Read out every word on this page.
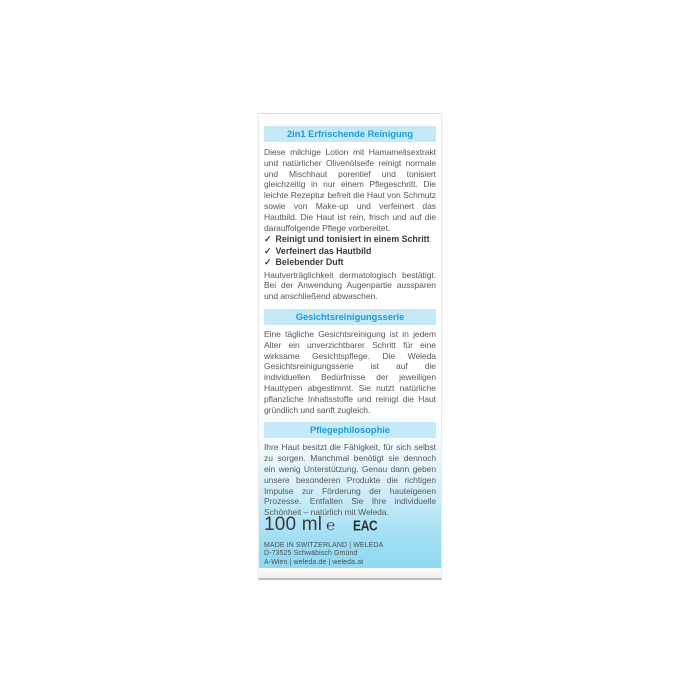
2in1 Erfrischende Reinigung

Diese milchige Lotion mit Hamamelisextrakt und natürlicher Olivenölseife reinigt normale und Mischhaut porentief und tonisiert gleichzeitig in nur einem Pflegeschritt. Die leichte Rezeptur befreit die Haut von Schmutz sowie von Make-up und verfeinert das Hautbild. Die Haut ist rein, frisch und auf die darauffolgende Pflege vorbereitet.

✓ Reinigt und tonisiert in einem Schritt
✓ Verfeinert das Hautbild
✓ Belebender Duft

Hautverträglichkeit dermatologisch bestätigt. Bei der Anwendung Augenpartie aussparen und anschließend abwaschen.

Gesichtsreinigungsserie

Eine tägliche Gesichtsreinigung ist in jedem Alter ein unverzichtbarer Schritt für eine wirksame Gesichtspflege. Die Weleda Gesichtsreinigungsserie ist auf die individuellen Bedürfnisse der jeweiligen Hauttypen abgestimmt. Sie nutzt natürliche pflanzliche Inhaltsstoffe und reinigt die Haut gründlich und sanft zugleich.

Pflegephilosophie

Ihre Haut besitzt die Fähigkeit, für sich selbst zu sorgen. Manchmal benötigt sie dennoch ein wenig Unterstützung. Genau dann geben unsere besonderen Produkte die richtigen Impulse zur Förderung der hauteigenen Prozesse. Entfalten Sie Ihre individuelle Schönheit – natürlich mit Weleda.

100 ml ℮ EAC
MADE IN SWITZERLAND | WELEDA
D-73525 Schwäbisch Gmünd
A-Wien | weleda.de | weleda.at
